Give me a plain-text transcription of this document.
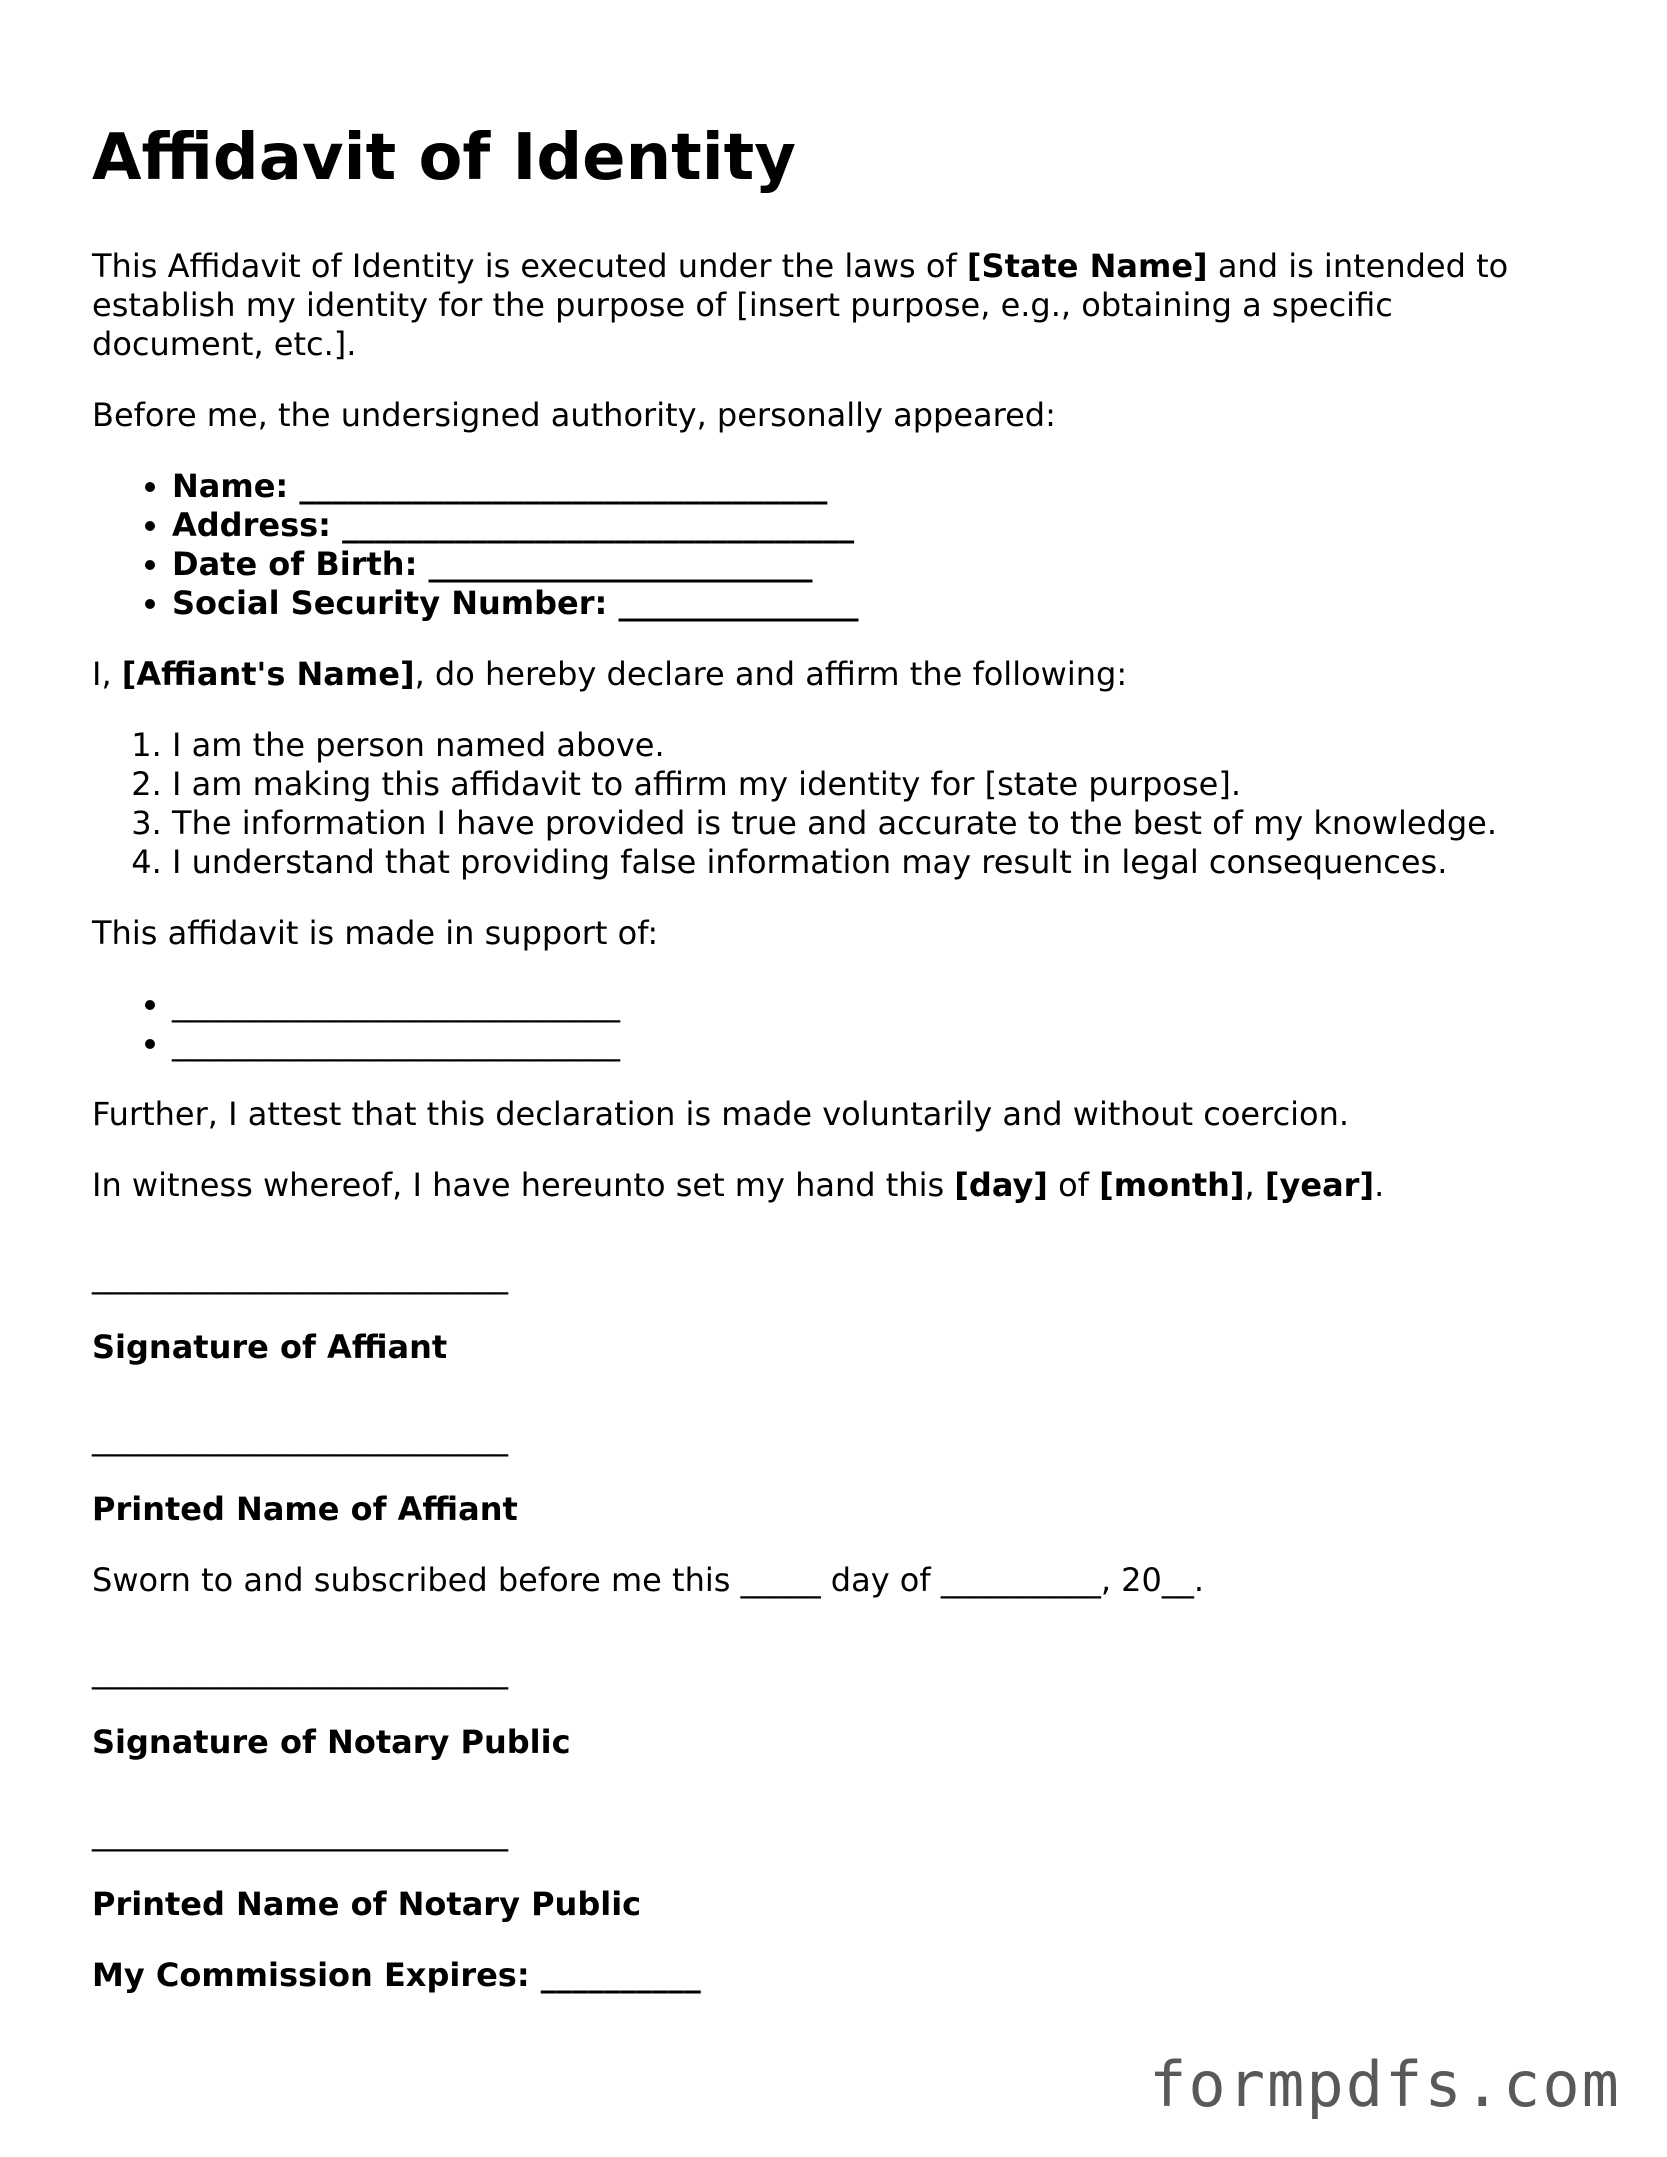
Affidavit of Identity

This Affidavit of Identity is executed under the laws of [State Name] and is intended to establish my identity for the purpose of [insert purpose, e.g., obtaining a specific document, etc.].

Before me, the undersigned authority, personally appeared:

• Name: _________________________________
• Address: ________________________________
• Date of Birth: ________________________
• Social Security Number: _______________

I, [Affiant's Name], do hereby declare and affirm the following:

1. I am the person named above.
2. I am making this affidavit to affirm my identity for [state purpose].
3. The information I have provided is true and accurate to the best of my knowledge.
4. I understand that providing false information may result in legal consequences.

This affidavit is made in support of:

• ____________________________
• ____________________________

Further, I attest that this declaration is made voluntarily and without coercion.

In witness whereof, I have hereunto set my hand this [day] of [month], [year].

__________________________
Signature of Affiant
__________________________
Printed Name of Affiant

Sworn to and subscribed before me this _____ day of __________, 20__.

__________________________
Signature of Notary Public
__________________________
Printed Name of Notary Public
My Commission Expires: __________
formpdfs.com
